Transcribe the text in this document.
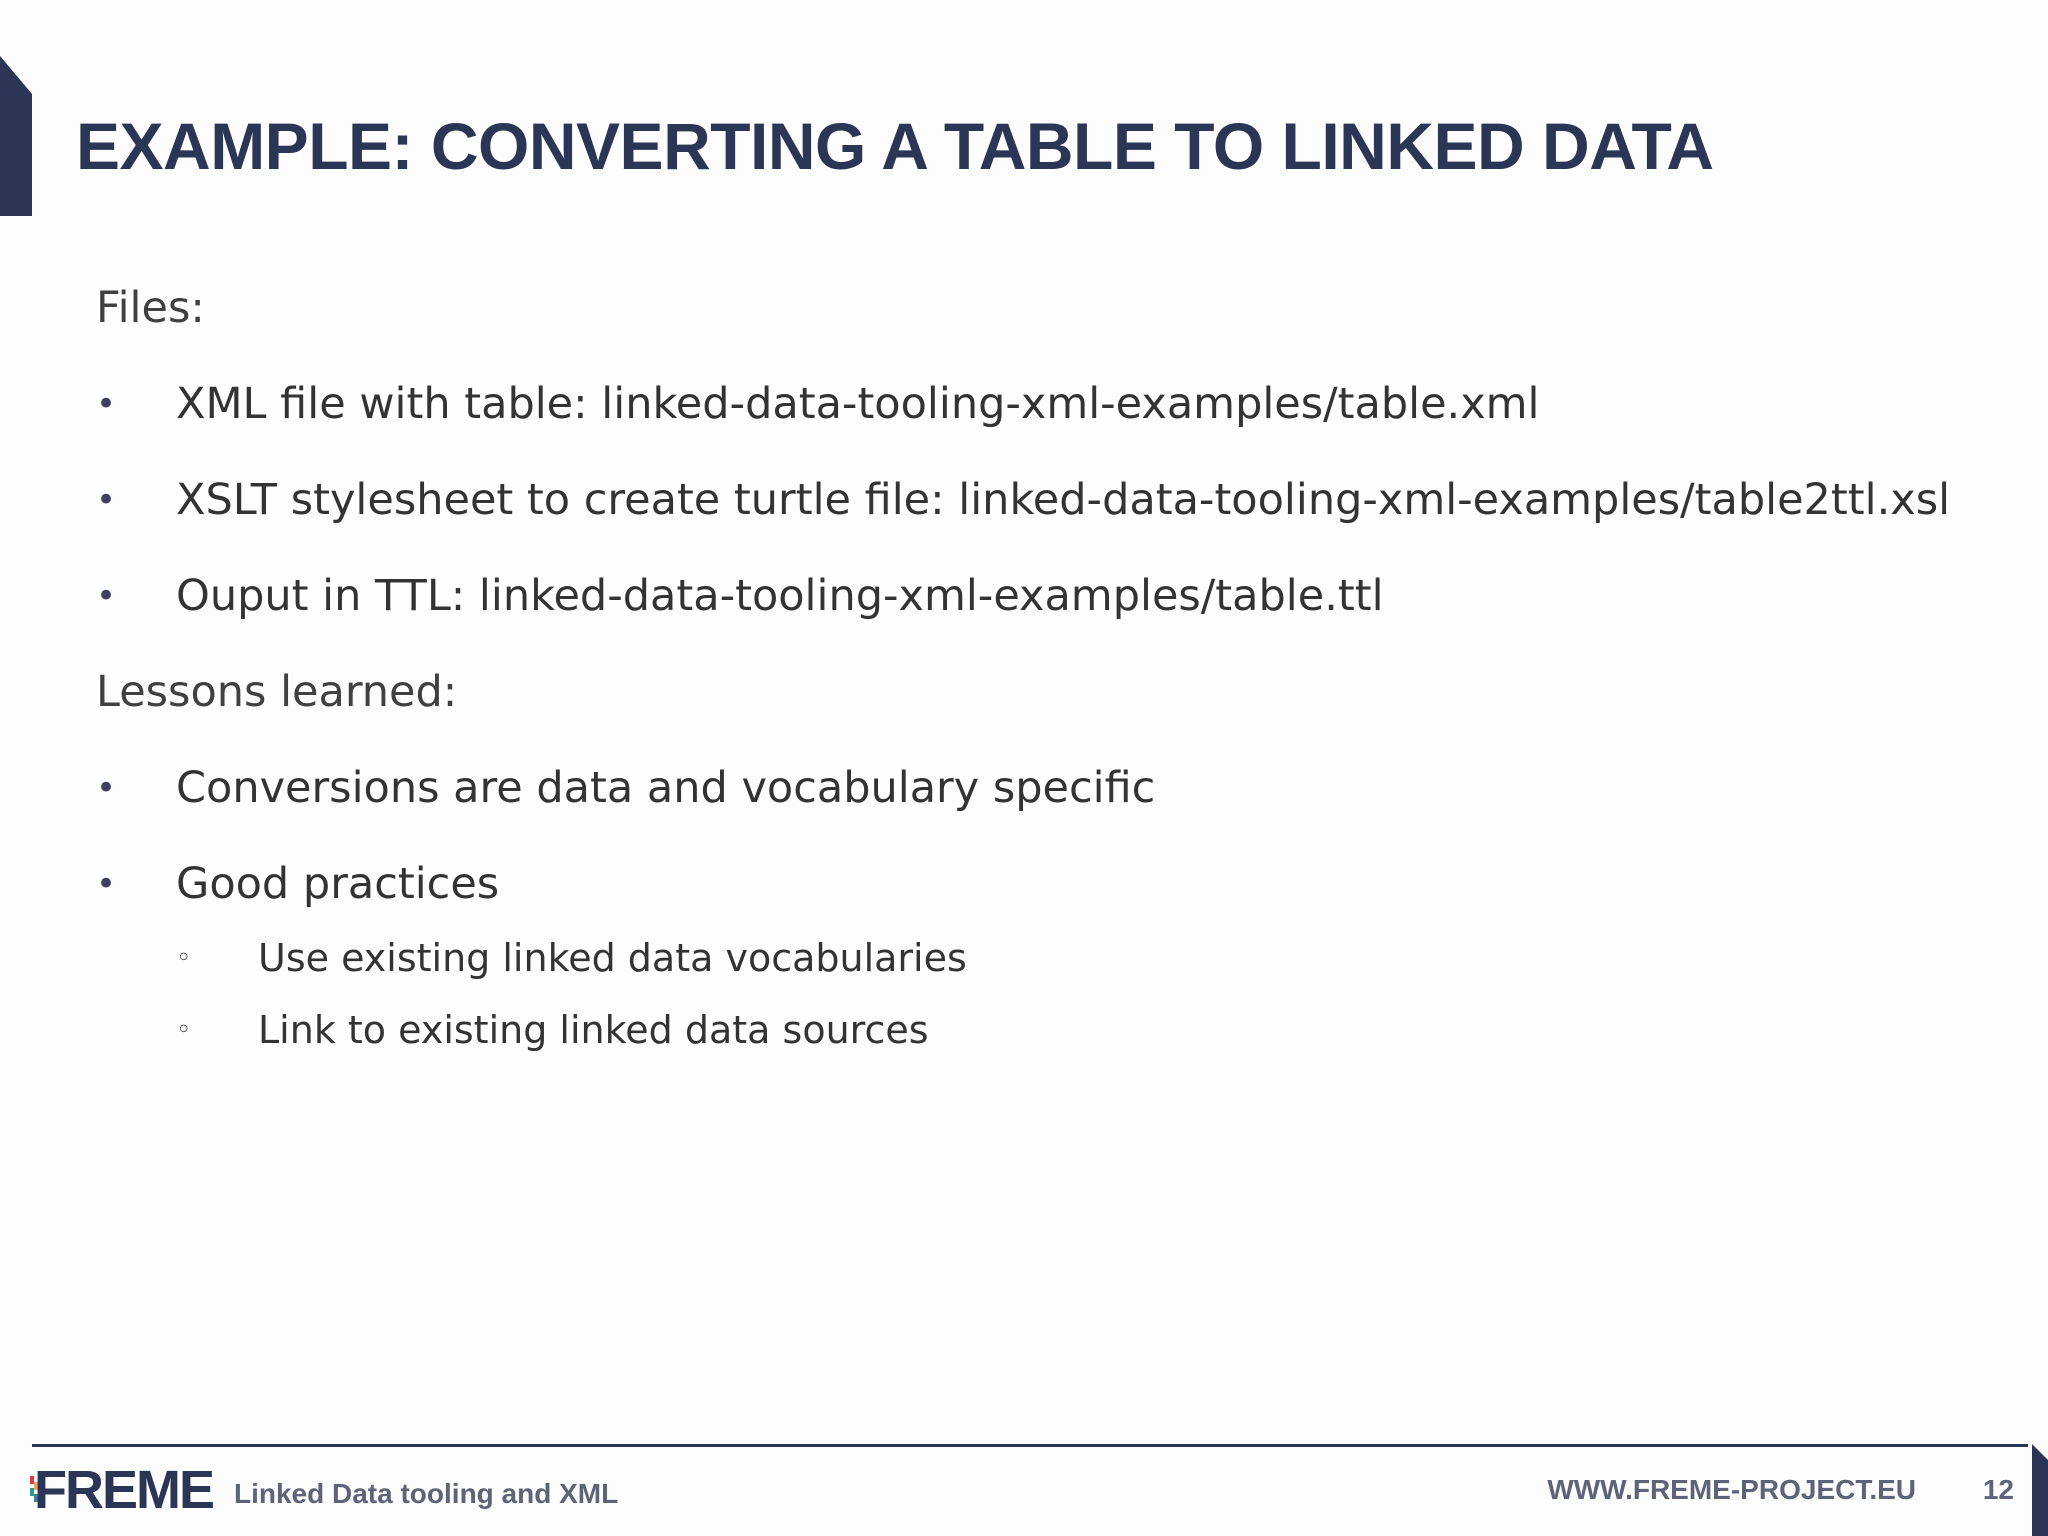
EXAMPLE: CONVERTING A TABLE TO LINKED DATA
Files:
• XML file with table: linked-data-tooling-xml-examples/table.xml
• XSLT stylesheet to create turtle file: linked-data-tooling-xml-examples/table2ttl.xsl
• Ouput in TTL: linked-data-tooling-xml-examples/table.ttl
Lessons learned:
• Conversions are data and vocabulary specific
• Good practices
◦ Use existing linked data vocabularies
◦ Link to existing linked data sources
FREME Linked Data tooling and XML	WWW.FREME-PROJECT.EU 12
